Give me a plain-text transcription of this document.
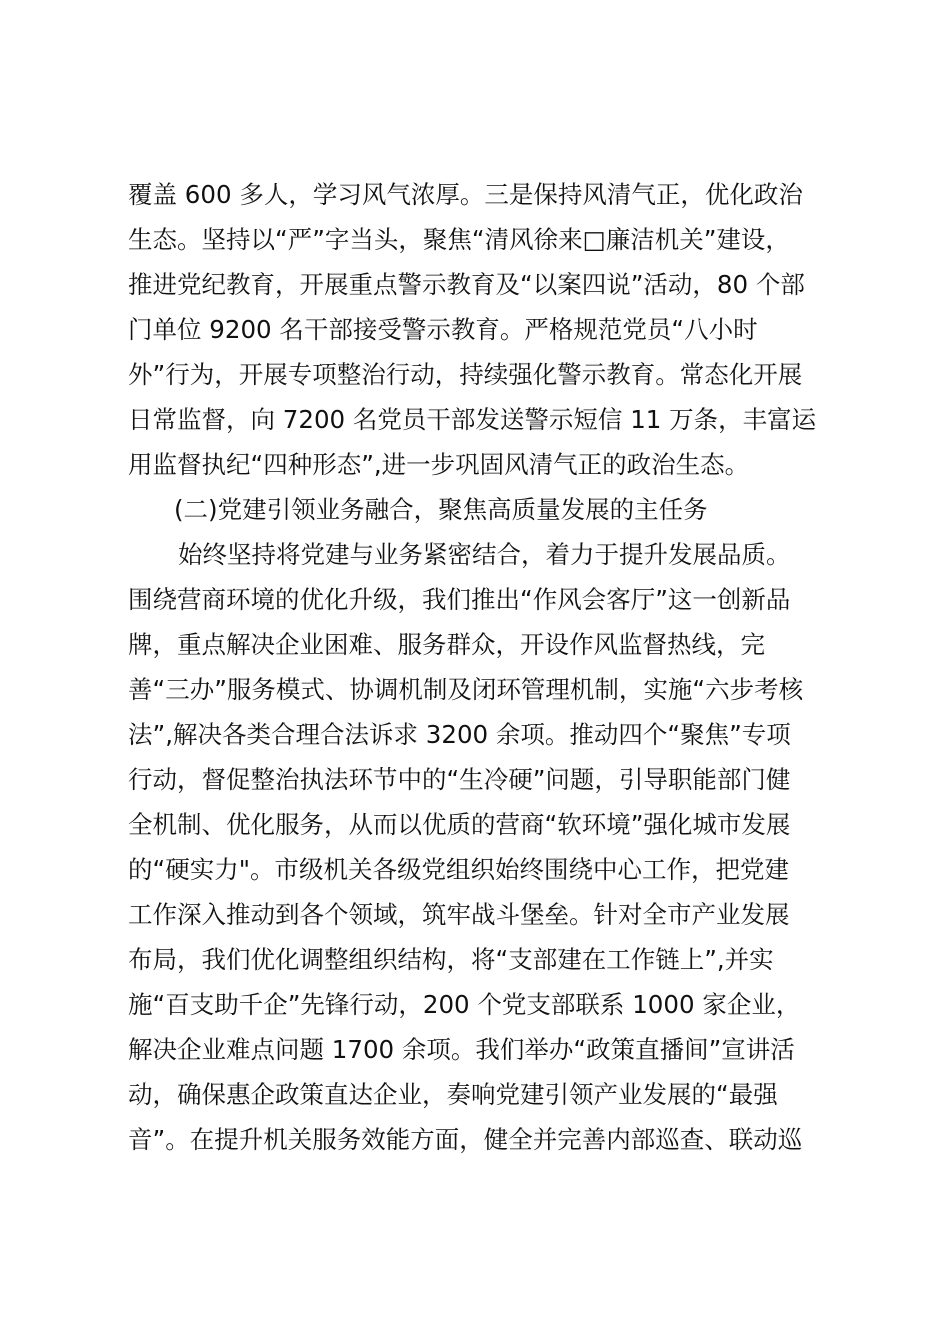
覆盖 600 多人，学习风气浓厚。三是保持风清气正，优化政治
生态。坚持以“严”字当头，聚焦“清风徐来□廉洁机关”建设，
推进党纪教育，开展重点警示教育及“以案四说”活动，80 个部
门单位 9200 名干部接受警示教育。严格规范党员“八小时
外”行为，开展专项整治行动，持续强化警示教育。常态化开展
日常监督，向 7200 名党员干部发送警示短信 11 万条，丰富运
用监督执纪“四种形态”,进一步巩固风清气正的政治生态。
(二)党建引领业务融合，聚焦高质量发展的主任务
始终坚持将党建与业务紧密结合，着力于提升发展品质。
围绕营商环境的优化升级，我们推出“作风会客厅”这一创新品
牌，重点解决企业困难、服务群众，开设作风监督热线，完
善“三办”服务模式、协调机制及闭环管理机制，实施“六步考核
法”,解决各类合理合法诉求 3200 余项。推动四个“聚焦”专项
行动，督促整治执法环节中的“生冷硬”问题，引导职能部门健
全机制、优化服务，从而以优质的营商“软环境”强化城市发展
的“硬实力"。市级机关各级党组织始终围绕中心工作，把党建
工作深入推动到各个领域，筑牢战斗堡垒。针对全市产业发展
布局，我们优化调整组织结构，将“支部建在工作链上”,并实
施“百支助千企”先锋行动，200 个党支部联系 1000 家企业，
解决企业难点问题 1700 余项。我们举办“政策直播间”宣讲活
动，确保惠企政策直达企业，奏响党建引领产业发展的“最强
音”。在提升机关服务效能方面，健全并完善内部巡查、联动巡
